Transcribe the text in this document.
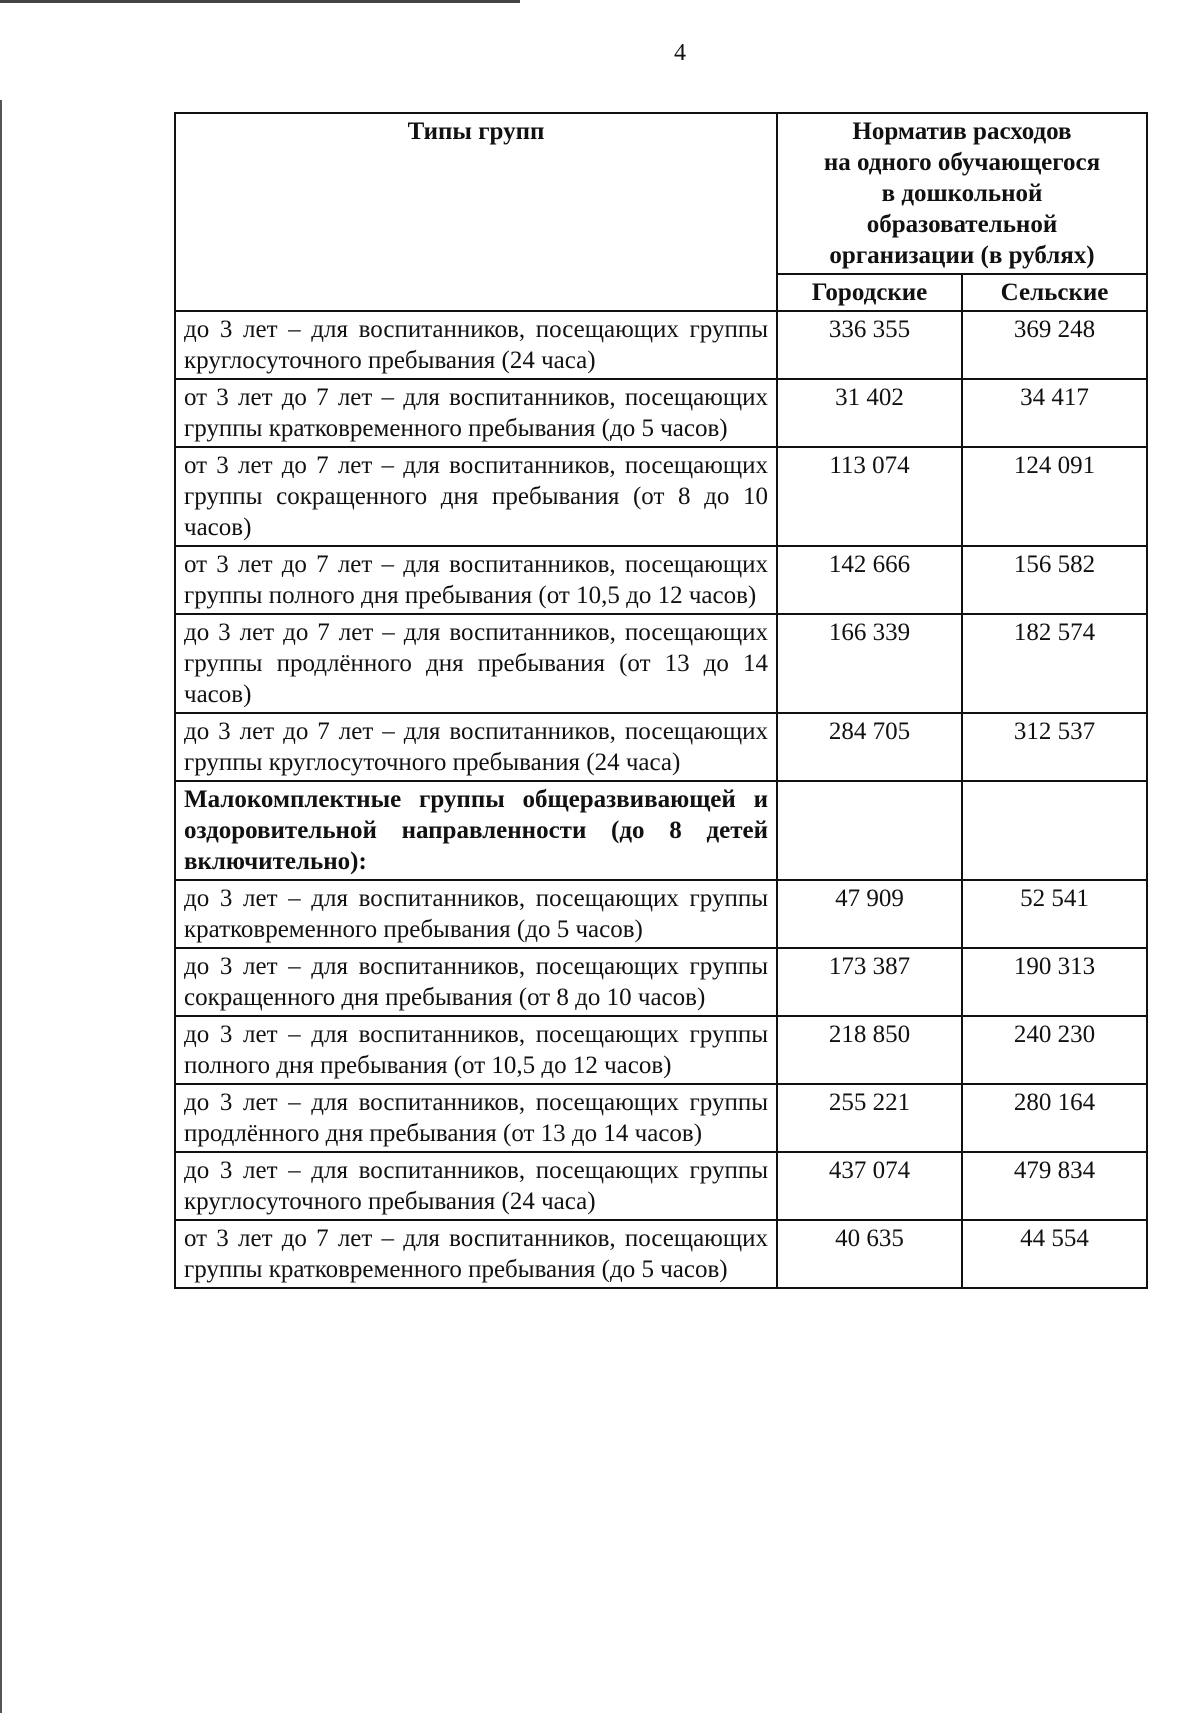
4
Типы групп	Норматив расходов
на одного обучающегося
в дошкольной
образовательной
организации (в рублях)	

	Городские	Сельские
до 3 лет – для воспитанников, посещающих группы круглосуточного пребывания (24 часа)	336 355	369 248
от 3 лет до 7 лет – для воспитанников, посещающих группы кратковременного пребывания (до 5 часов)	31 402	34 417
от 3 лет до 7 лет – для воспитанников, посещающих группы сокращенного дня пребывания (от 8 до 10 часов)	113 074	124 091
от 3 лет до 7 лет – для воспитанников, посещающих группы полного дня пребывания (от 10,5 до 12 часов)	142 666	156 582
до 3 лет до 7 лет – для воспитанников, посещающих группы продлённого дня пребывания (от 13 до 14 часов)	166 339	182 574
до 3 лет до 7 лет – для воспитанников, посещающих группы круглосуточного пребывания (24 часа)	284 705	312 537
Малокомплектные группы общеразвивающей и оздоровительной направленности (до 8 детей включительно):		
до 3 лет – для воспитанников, посещающих группы кратковременного пребывания (до 5 часов)	47 909	52 541
до 3 лет – для воспитанников, посещающих группы сокращенного дня пребывания (от 8 до 10 часов)	173 387	190 313
до 3 лет – для воспитанников, посещающих группы полного дня пребывания (от 10,5 до 12 часов)	218 850	240 230
до 3 лет – для воспитанников, посещающих группы продлённого дня пребывания (от 13 до 14 часов)	255 221	280 164
до 3 лет – для воспитанников, посещающих группы круглосуточного пребывания (24 часа)	437 074	479 834
от 3 лет до 7 лет – для воспитанников, посещающих группы кратковременного пребывания (до 5 часов)	40 635	44 554
